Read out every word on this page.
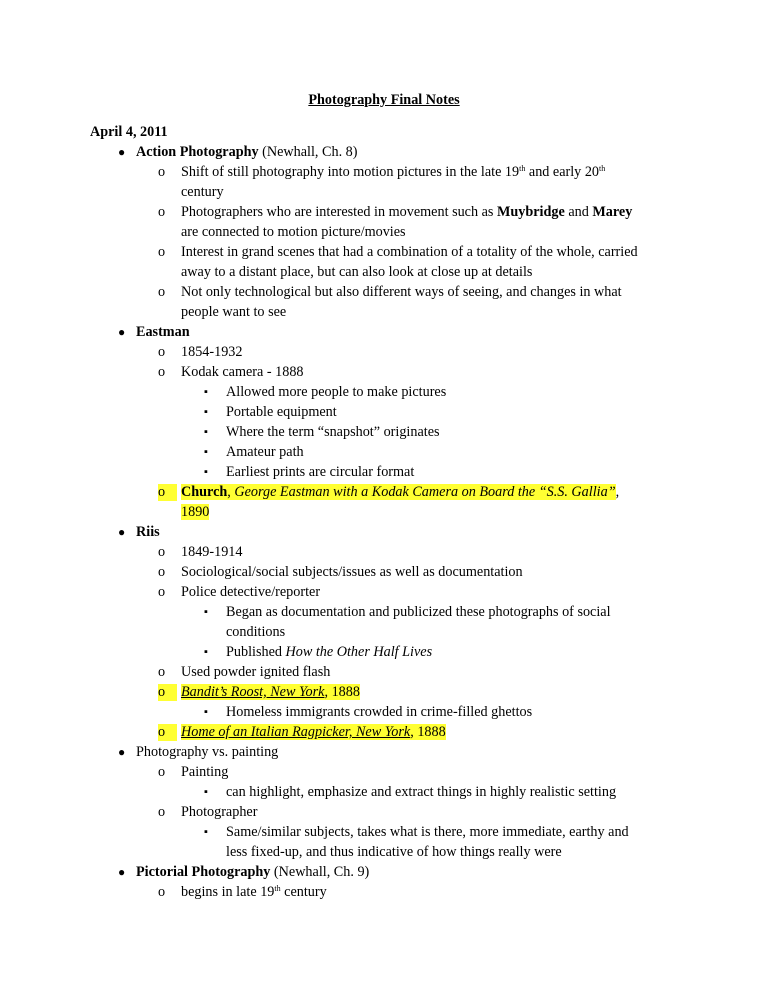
Photography Final Notes
April 4, 2011
● Action Photography (Newhall, Ch. 8)
o Shift of still photography into motion pictures in the late 19th and early 20th
century
o Photographers who are interested in movement such as Muybridge and Marey
are connected to motion picture/movies
o Interest in grand scenes that had a combination of a totality of the whole, carried
away to a distant place, but can also look at close up at details
o Not only technological but also different ways of seeing, and changes in what
people want to see
● Eastman
o 1854-1932
o Kodak camera - 1888
▪ Allowed more people to make pictures
▪ Portable equipment
▪ Where the term “snapshot” originates
▪ Amateur path
▪ Earliest prints are circular format
o	Church, George Eastman with a Kodak Camera on Board the “S.S. Gallia”,
1890
● Riis
o 1849-1914
o Sociological/social subjects/issues as well as documentation
o Police detective/reporter
▪ Began as documentation and publicized these photographs of social
conditions
▪ Published How the Other Half Lives
o Used powder ignited flash
o	Bandit’s Roost, New York, 1888
▪ Homeless immigrants crowded in crime-filled ghettos
o	Home of an Italian Ragpicker, New York, 1888
● Photography vs. painting
o Painting
▪ can highlight, emphasize and extract things in highly realistic setting
o Photographer
▪ Same/similar subjects, takes what is there, more immediate, earthy and
less fixed-up, and thus indicative of how things really were
● Pictorial Photography (Newhall, Ch. 9)
o begins in late 19th century
